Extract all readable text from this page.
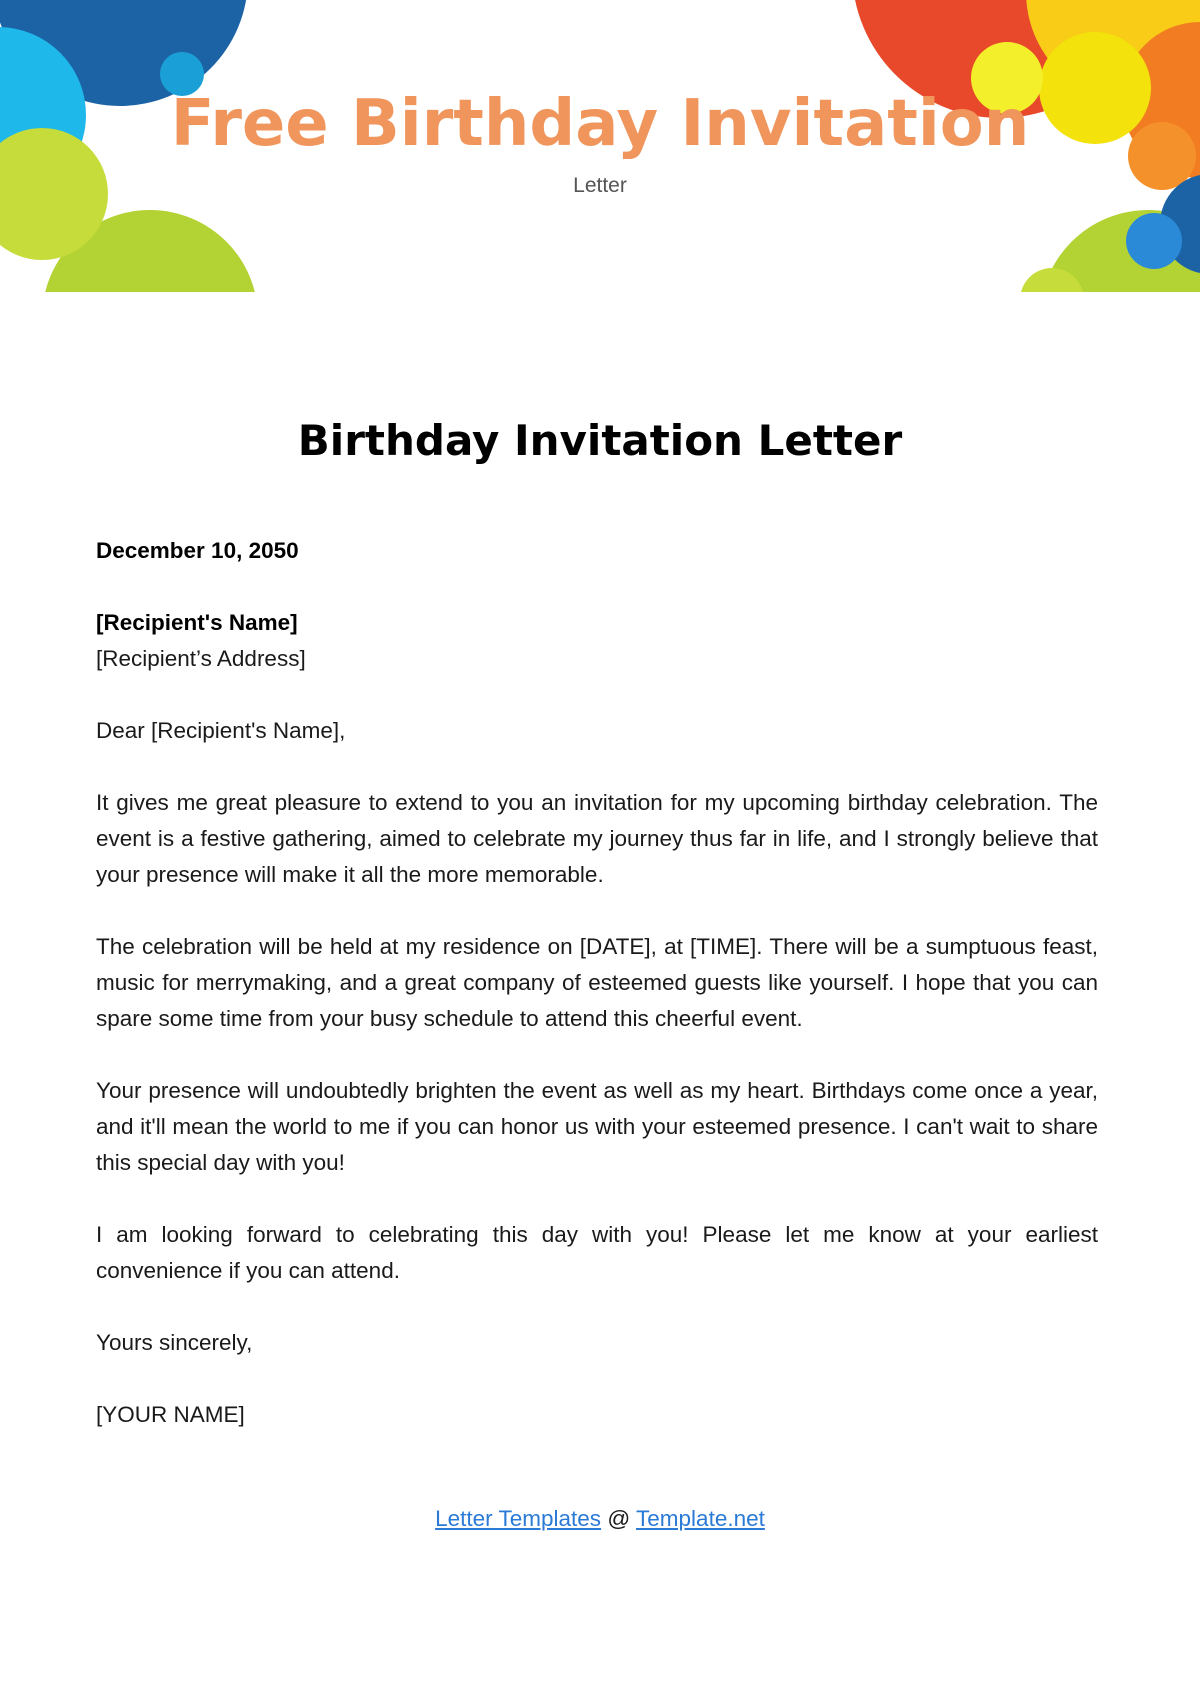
Free Birthday Invitation
Letter
Birthday Invitation Letter

December 10, 2050

[Recipient's Name]

[Recipient’s Address]

Dear [Recipient's Name],

It gives me great pleasure to extend to you an invitation for my upcoming birthday celebration. The event is a festive gathering, aimed to celebrate my journey thus far in life, and I strongly believe that your presence will make it all the more memorable.

The celebration will be held at my residence on [DATE], at [TIME]. There will be a sumptuous feast, music for merrymaking, and a great company of esteemed guests like yourself. I hope that you can spare some time from your busy schedule to attend this cheerful event.

Your presence will undoubtedly brighten the event as well as my heart. Birthdays come once a year, and it'll mean the world to me if you can honor us with your esteemed presence. I can't wait to share this special day with you!

I am looking forward to celebrating this day with you! Please let me know at your earliest convenience if you can attend.

Yours sincerely,

[YOUR NAME]

Letter Templates @ Template.net
